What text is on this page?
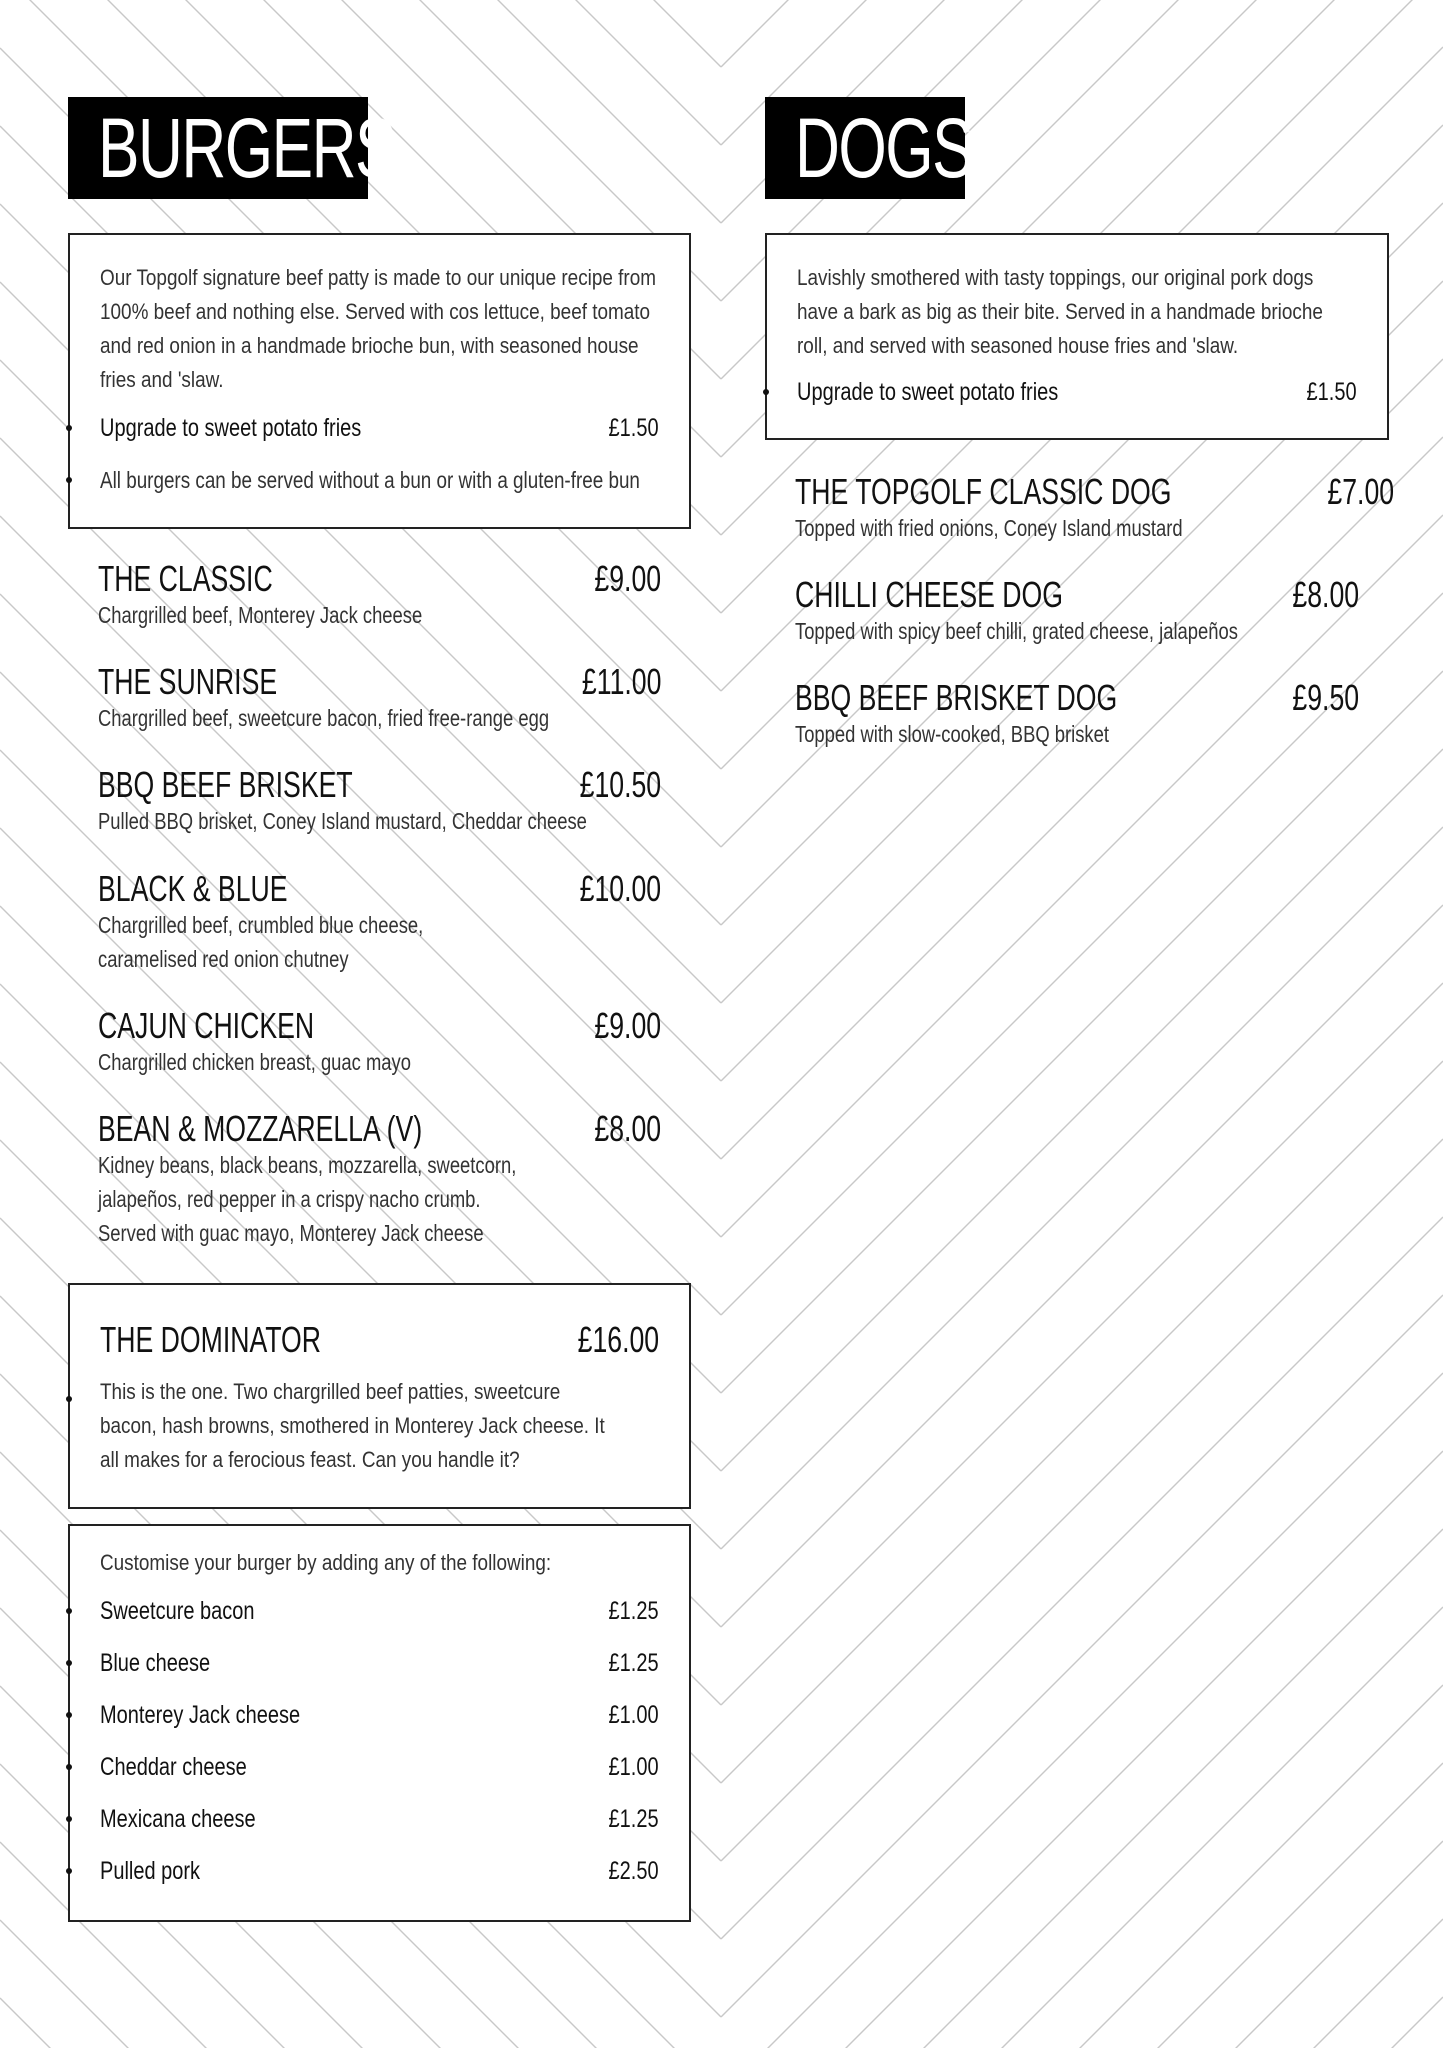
BURGERS
Our Topgolf signature beef patty is made to our unique recipe from 100% beef and nothing else. Served with cos lettuce, beef tomato and red onion in a handmade brioche bun, with seasoned house fries and 'slaw.
Upgrade to sweet potato fries	£1.50
All burgers can be served without a bun or with a gluten-free bun
THE CLASSIC	£9.00
Chargrilled beef, Monterey Jack cheese
THE SUNRISE	£11.00
Chargrilled beef, sweetcure bacon, fried free-range egg
BBQ BEEF BRISKET	£10.50
Pulled BBQ brisket, Coney Island mustard, Cheddar cheese
BLACK & BLUE	£10.00
Chargrilled beef, crumbled blue cheese,
caramelised red onion chutney
CAJUN CHICKEN	£9.00
Chargrilled chicken breast, guac mayo
BEAN & MOZZARELLA (V)	£8.00
Kidney beans, black beans, mozzarella, sweetcorn,
jalapeños, red pepper in a crispy nacho crumb.
Served with guac mayo, Monterey Jack cheese
THE DOMINATOR	£16.00
This is the one. Two chargrilled beef patties, sweetcure bacon, hash browns, smothered in Monterey Jack cheese. It all makes for a ferocious feast. Can you handle it?
Customise your burger by adding any of the following:
Sweetcure bacon	£1.25
Blue cheese	£1.25
Monterey Jack cheese	£1.00
Cheddar cheese	£1.00
Mexicana cheese	£1.25
Pulled pork	£2.50
DOGS
Lavishly smothered with tasty toppings, our original pork dogs have a bark as big as their bite. Served in a handmade brioche roll, and served with seasoned house fries and 'slaw.
Upgrade to sweet potato fries	£1.50
THE TOPGOLF CLASSIC DOG	£7.00
Topped with fried onions, Coney Island mustard
CHILLI CHEESE DOG	£8.00
Topped with spicy beef chilli, grated cheese, jalapeños
BBQ BEEF BRISKET DOG	£9.50
Topped with slow-cooked, BBQ brisket
